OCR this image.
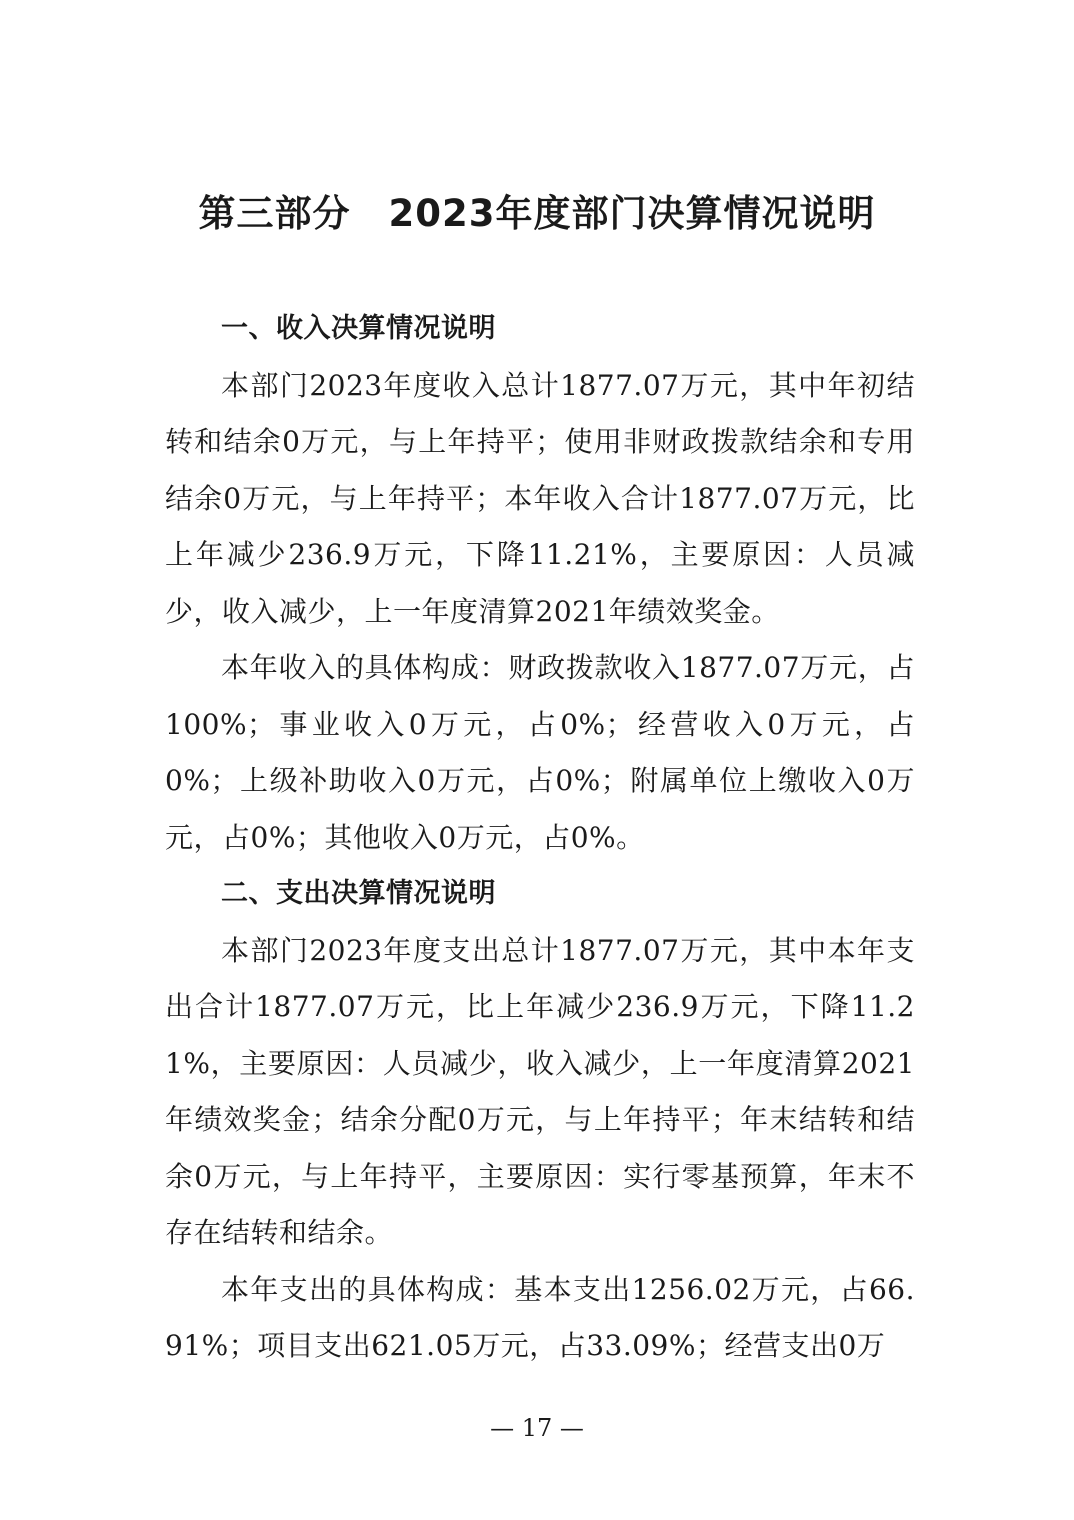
第三部分　2023年度部门决算情况说明
一、收入决算情况说明

本部门2023年度收入总计1877.07万元，其中年初结转和结余0万元，与上年持平；使用非财政拨款结余和专用结余0万元，与上年持平；本年收入合计1877.07万元，比上年减少236.9万元，下降11.21%，主要原因：人员减少，收入减少，上一年度清算2021年绩效奖金。

本年收入的具体构成：财政拨款收入1877.07万元，占100%；事业收入0万元，占0%；经营收入0万元，占0%；上级补助收入0万元，占0%；附属单位上缴收入0万元，占0%；其他收入0万元，占0%。

二、支出决算情况说明

本部门2023年度支出总计1877.07万元，其中本年支出合计1877.07万元，比上年减少236.9万元，下降11.21%，主要原因：人员减少，收入减少，上一年度清算2021年绩效奖金；结余分配0万元，与上年持平；年末结转和结余0万元，与上年持平，主要原因：实行零基预算，年末不存在结转和结余。

本年支出的具体构成：基本支出1256.02万元，占66.91%；项目支出621.05万元，占33.09%；经营支出0万

— 17 —
